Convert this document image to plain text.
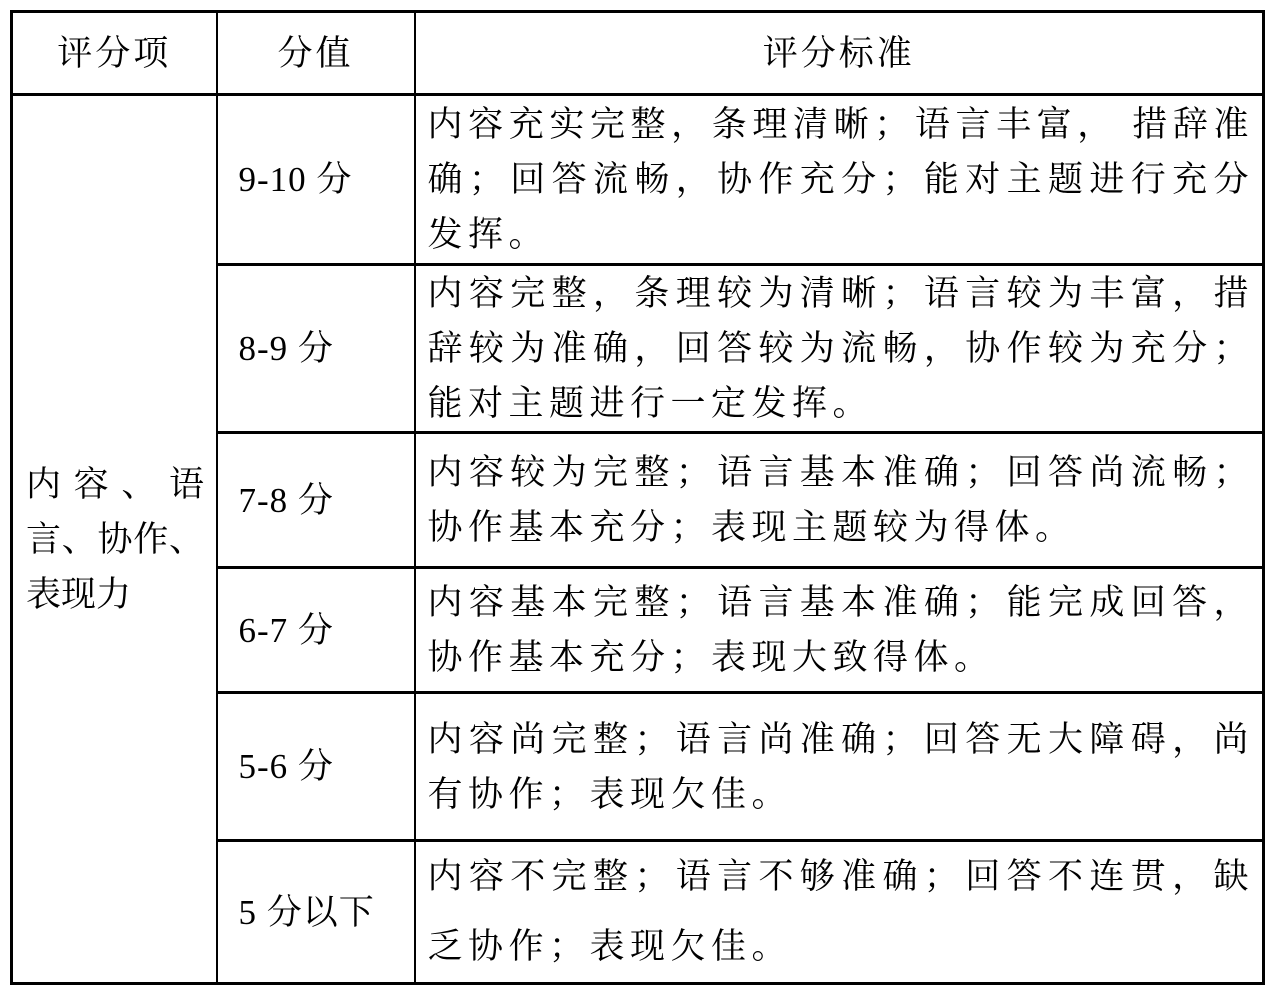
评分项	分值	评分标准

内容、语言、协作、表现力	9-10 分	内容充实完整，条理清晰；语言丰富， 措辞准确；回答流畅，协作充分；能对主题进行充分发挥。
	8-9 分	内容完整，条理较为清晰；语言较为丰富，措辞较为准确，回答较为流畅，协作较为充分；能对主题进行一定发挥。
	7-8 分	内容较为完整；语言基本准确；回答尚流畅；协作基本充分；表现主题较为得体。
	6-7 分	内容基本完整；语言基本准确；能完成回答，协作基本充分；表现大致得体。
	5-6 分	内容尚完整；语言尚准确；回答无大障碍，尚有协作；表现欠佳。
	5 分以下	内容不完整；语言不够准确；回答不连贯，缺乏协作；表现欠佳。
